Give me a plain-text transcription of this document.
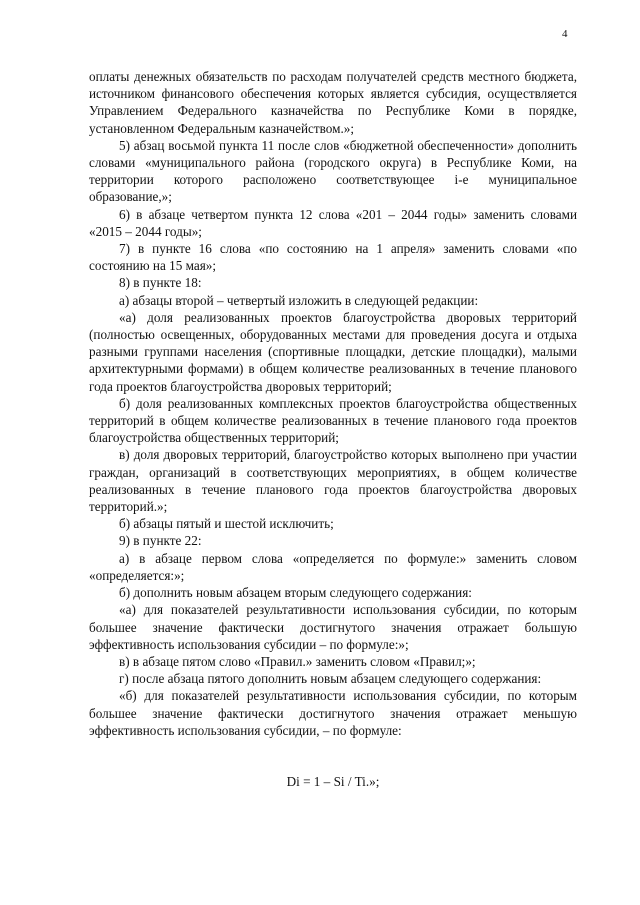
4

оплаты денежных обязательств по расходам получателей средств местного бюджета, источником финансового обеспечения которых является субсидия, осуществляется Управлением Федерального казначейства по Республике Коми в порядке, установленном Федеральным казначейством.»;

5) абзац восьмой пункта 11 после слов «бюджетной обеспеченности» дополнить словами «муниципального района (городского округа) в Республике Коми, на территории которого расположено соответствующее i-е муниципальное образование,»;

6) в абзаце четвертом пункта 12 слова «201 – 2044 годы» заменить словами «2015 – 2044 годы»;

7) в пункте 16 слова «по состоянию на 1 апреля» заменить словами «по состоянию на 15 мая»;

8) в пункте 18:

а) абзацы второй – четвертый изложить в следующей редакции:

«а) доля реализованных проектов благоустройства дворовых территорий (полностью освещенных, оборудованных местами для проведения досуга и отдыха разными группами населения (спортивные площадки, детские площадки), малыми архитектурными формами) в общем количестве реализованных в течение планового года проектов благоустройства дворовых территорий;

б) доля реализованных комплексных проектов благоустройства общественных территорий в общем количестве реализованных в течение планового года проектов благоустройства общественных территорий;

в) доля дворовых территорий, благоустройство которых выполнено при участии граждан, организаций в соответствующих мероприятиях, в общем количестве реализованных в течение планового года проектов благоустройства дворовых территорий.»;

б) абзацы пятый и шестой исключить;

9) в пункте 22:

а) в абзаце первом слова «определяется по формуле:» заменить словом «определяется:»;

б) дополнить новым абзацем вторым следующего содержания:

«а) для показателей результативности использования субсидии, по которым большее значение фактически достигнутого значения отражает большую эффективность использования субсидии – по формуле:»;

в) в абзаце пятом слово «Правил.» заменить словом «Правил;»;

г) после абзаца пятого дополнить новым абзацем следующего содержания:

«б) для показателей результативности использования субсидии, по которым большее значение фактически достигнутого значения отражает меньшую эффективность использования субсидии, – по формуле:

Di = 1 – Si / Ti.»;
